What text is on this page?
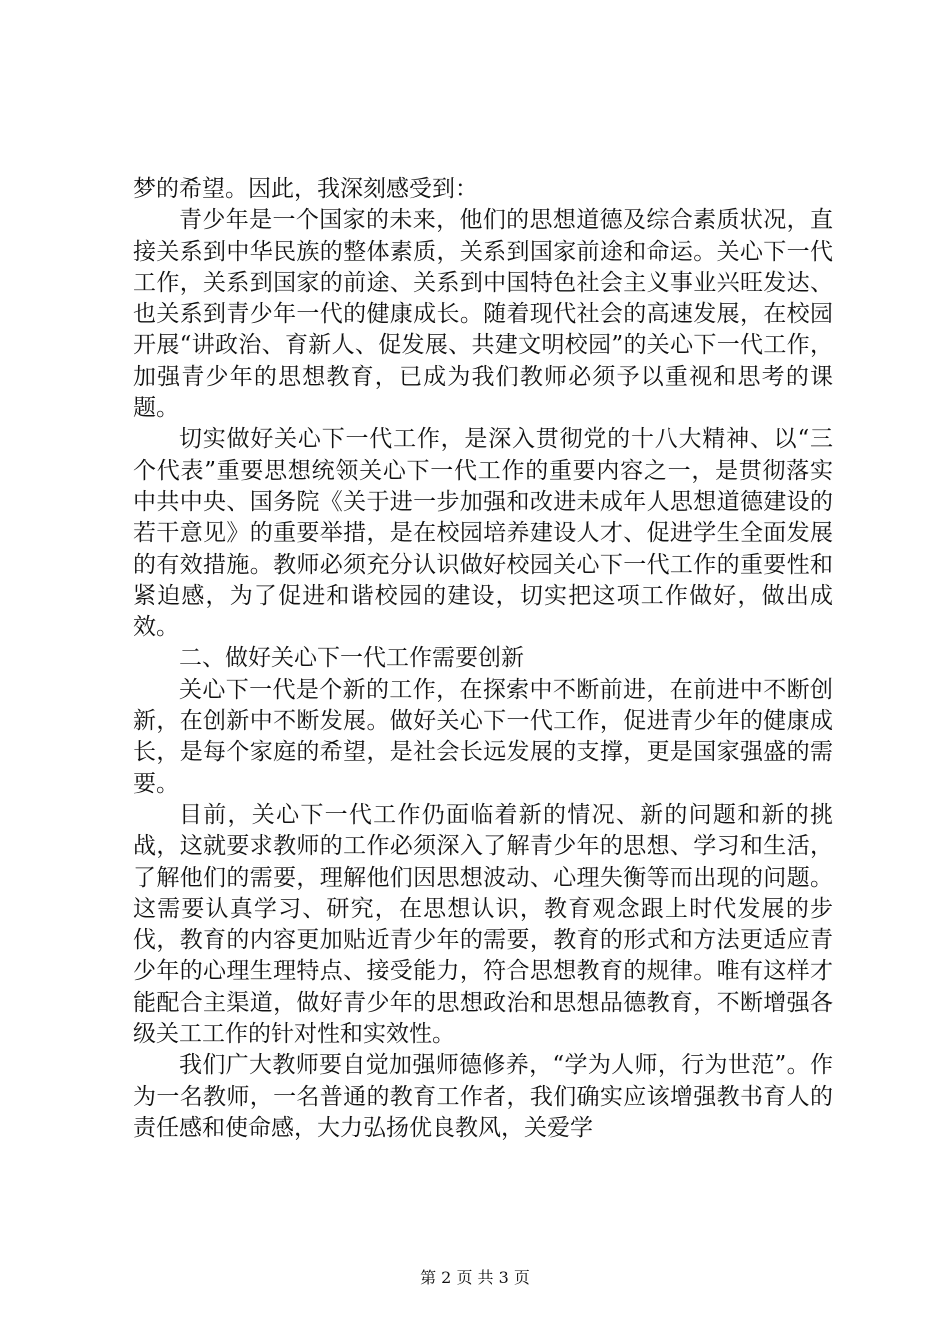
梦的希望。因此，我深刻感受到：

青少年是一个国家的未来，他们的思想道德及综合素质状况，直接关系到中华民族的整体素质，关系到国家前途和命运。关心下一代工作，关系到国家的前途、关系到中国特色社会主义事业兴旺发达、也关系到青少年一代的健康成长。随着现代社会的高速发展，在校园开展“讲政治、育新人、促发展、共建文明校园”的关心下一代工作，加强青少年的思想教育，已成为我们教师必须予以重视和思考的课题。

切实做好关心下一代工作，是深入贯彻党的十八大精神、以“三个代表”重要思想统领关心下一代工作的重要内容之一，是贯彻落实中共中央、国务院《关于进一步加强和改进未成年人思想道德建设的若干意见》的重要举措，是在校园培养建设人才、促进学生全面发展的有效措施。教师必须充分认识做好校园关心下一代工作的重要性和紧迫感，为了促进和谐校园的建设，切实把这项工作做好，做出成效。

二、做好关心下一代工作需要创新

关心下一代是个新的工作，在探索中不断前进，在前进中不断创新，在创新中不断发展。做好关心下一代工作，促进青少年的健康成长，是每个家庭的希望，是社会长远发展的支撑，更是国家强盛的需要。

目前，关心下一代工作仍面临着新的情况、新的问题和新的挑战，这就要求教师的工作必须深入了解青少年的思想、学习和生活，了解他们的需要，理解他们因思想波动、心理失衡等而出现的问题。这需要认真学习、研究，在思想认识，教育观念跟上时代发展的步伐，教育的内容更加贴近青少年的需要，教育的形式和方法更适应青少年的心理生理特点、接受能力，符合思想教育的规律。唯有这样才能配合主渠道，做好青少年的思想政治和思想品德教育，不断增强各级关工工作的针对性和实效性。

我们广大教师要自觉加强师德修养，“学为人师，行为世范”。作为一名教师，一名普通的教育工作者，我们确实应该增强教书育人的责任感和使命感，大力弘扬优良教风，关爱学

第 2 页 共 3 页
